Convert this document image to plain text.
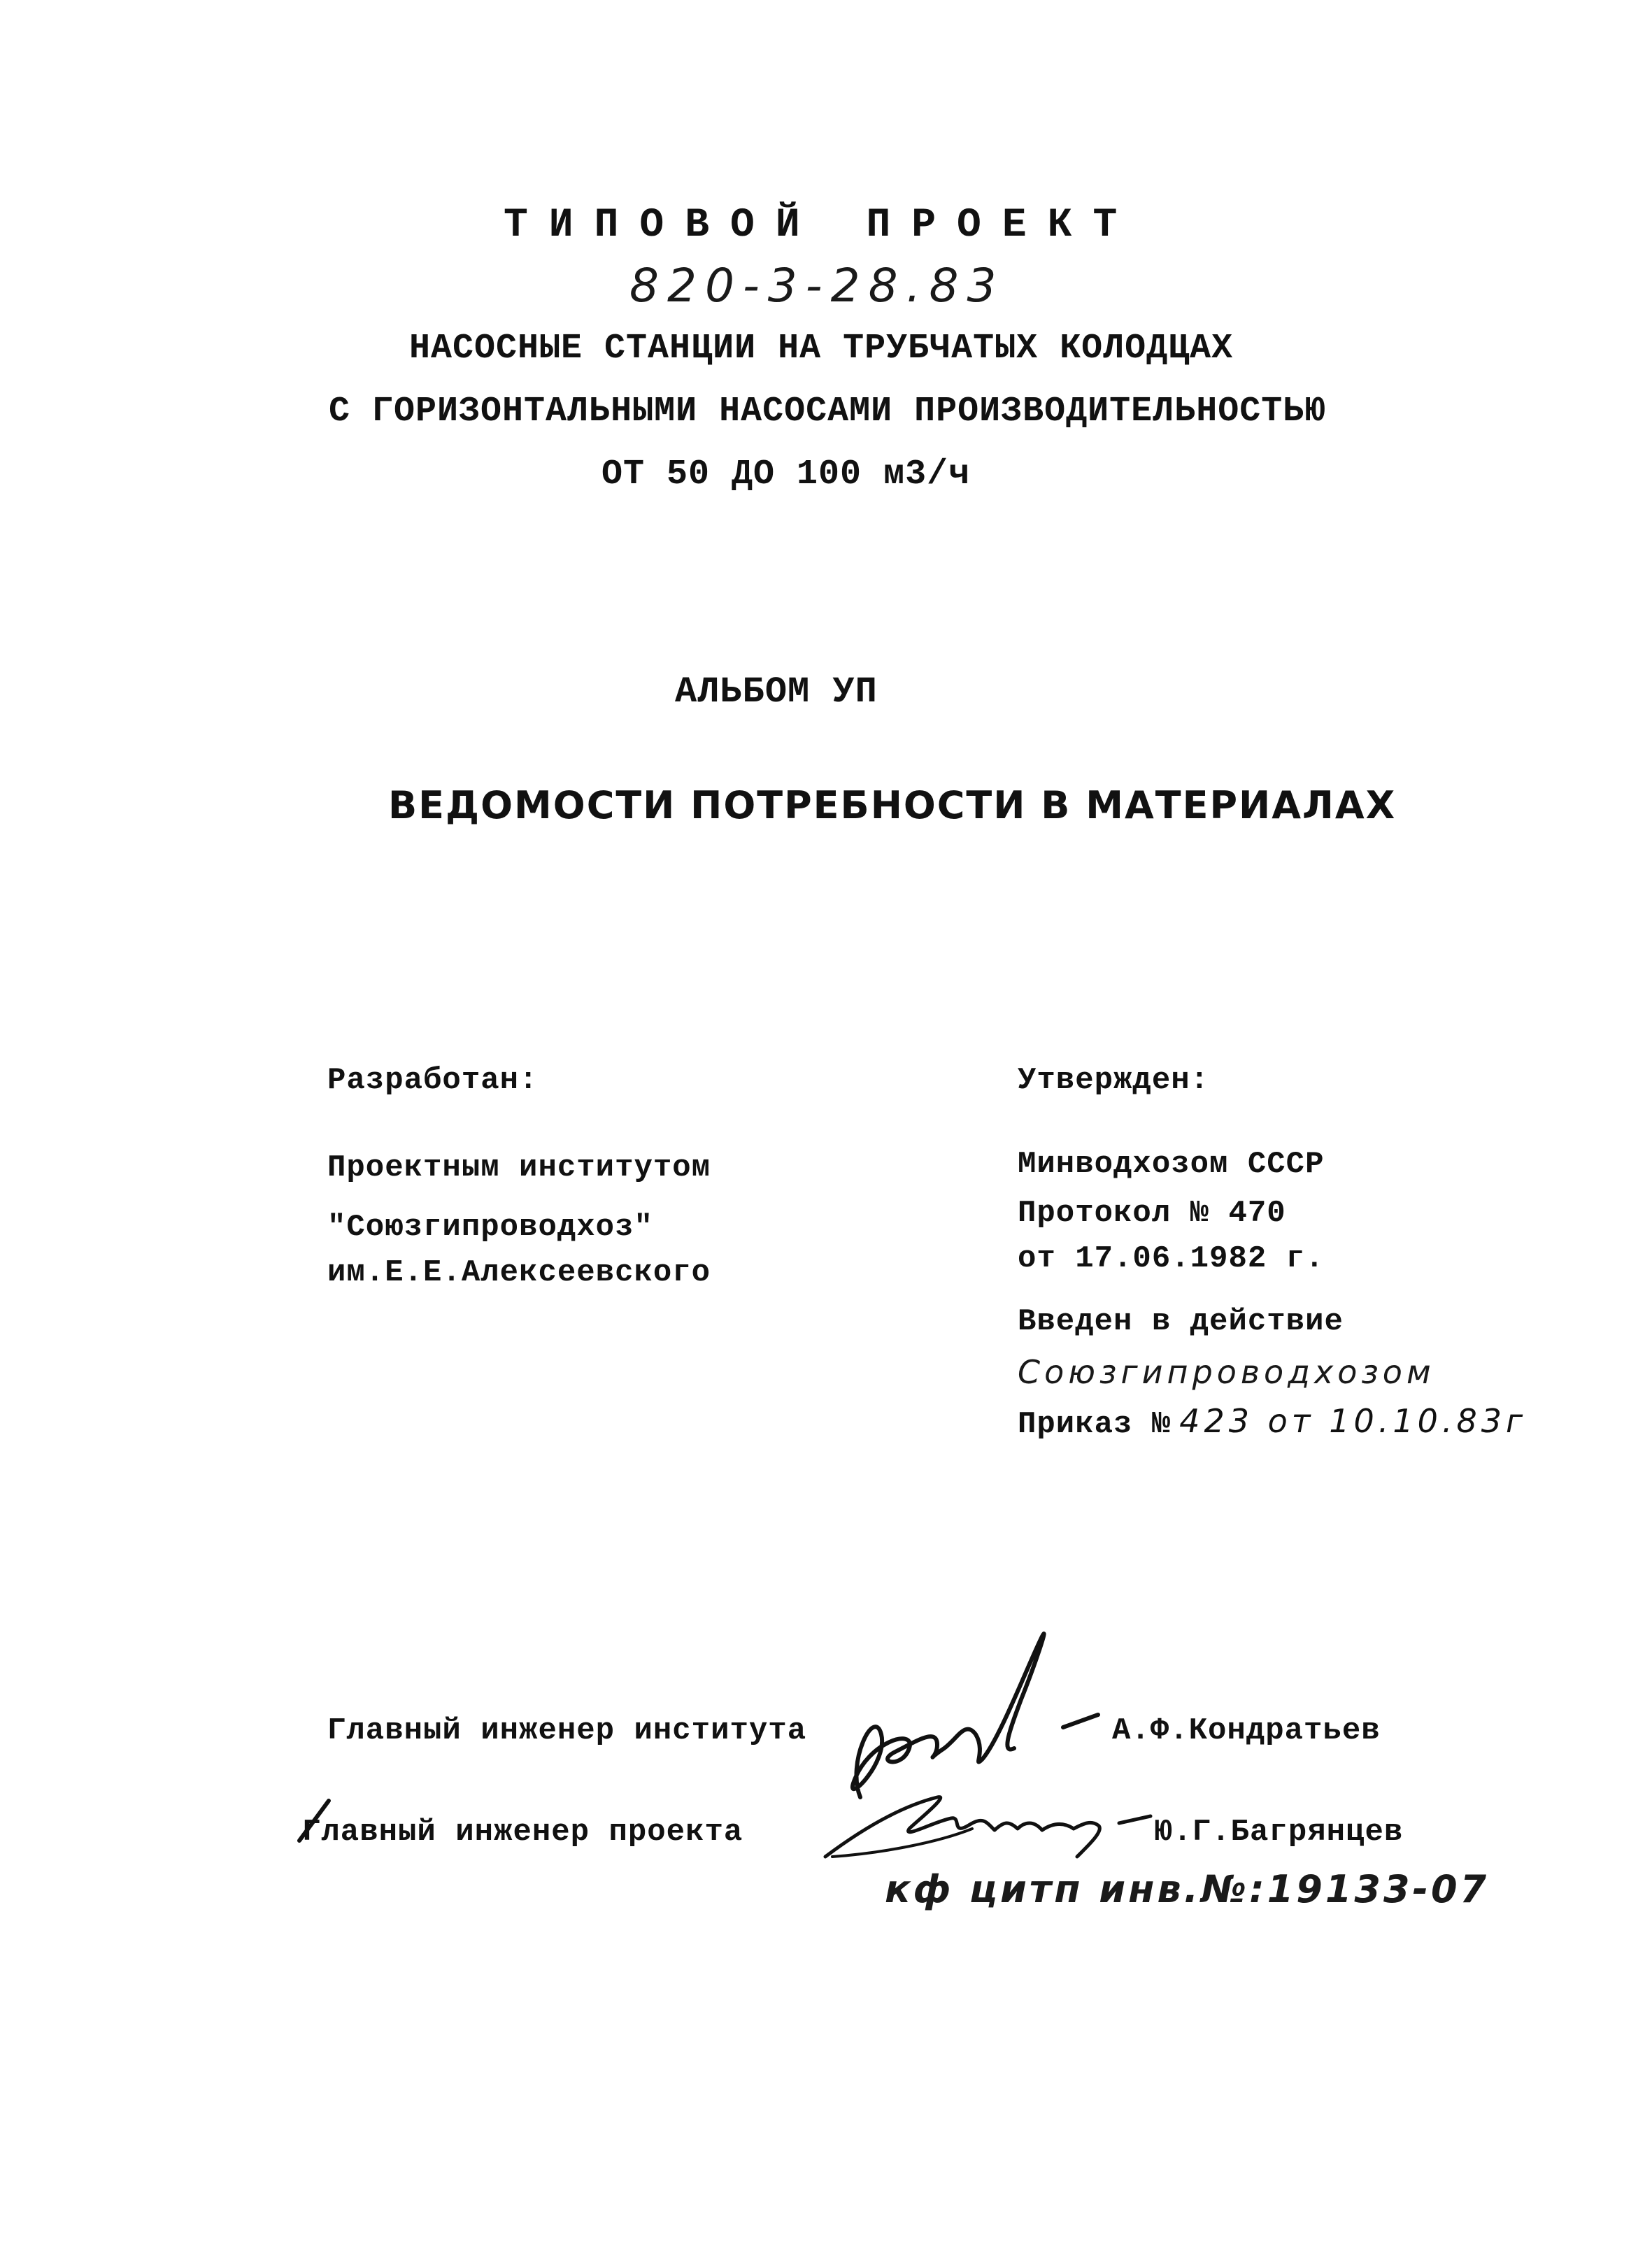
ТИПОВОЙ ПРОЕКТ
820-3-28.83
НАСОСНЫЕ СТАНЦИИ НА ТРУБЧАТЫХ КОЛОДЦАХ
С ГОРИЗОНТАЛЬНЫМИ НАСОСАМИ ПРОИЗВОДИТЕЛЬНОСТЬЮ
ОТ 50 ДО 100 м3/ч
АЛЬБОМ УП
ВЕДОМОСТИ ПОТРЕБНОСТИ В МАТЕРИАЛАХ
Разработан:
Проектным институтом
"Союзгипроводхоз"
им.Е.Е.Алексеевского
Утвержден:
Минводхозом СССР
Протокол № 470
от 17.06.1982 г.
Введен в действие
Союзгипроводхозом
Приказ № 423 от 10.10.83г
Главный инженер института	А.Ф.Кондратьев
Главный инженер проекта	Ю.Г.Багрянцев
кф цитп инв.№:19133-07
